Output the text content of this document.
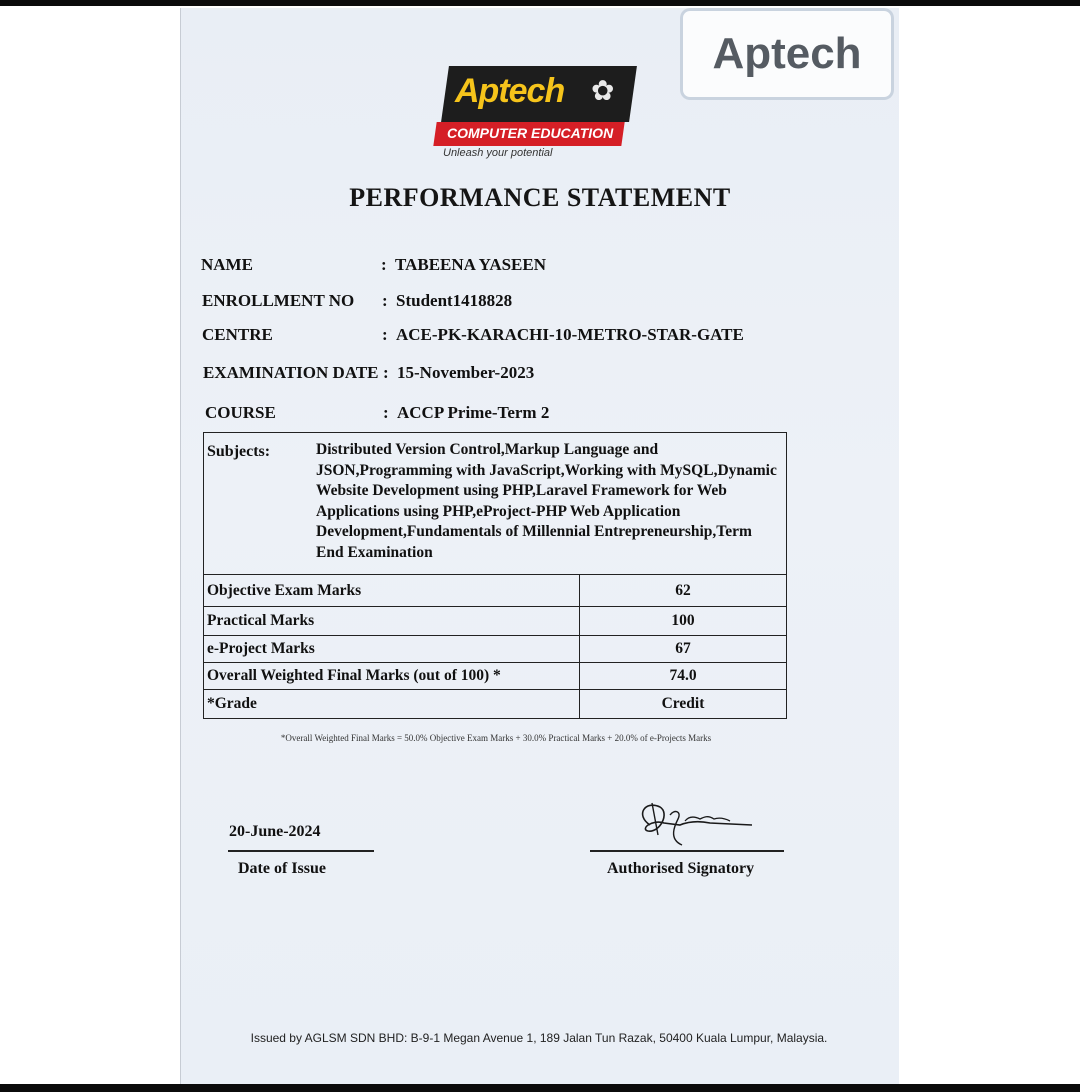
Aptech
Aptech ✿
COMPUTER EDUCATION
Unleash your potential
PERFORMANCE STATEMENT
NAME	: TABEENA YASEEN
ENROLLMENT NO : Student1418828
CENTRE	: ACE-PK-KARACHI-10-METRO-STAR-GATE
EXAMINATION DATE : 15-November-2023
COURSE	: ACCP Prime-Term 2
Subjects:	Distributed Version Control,Markup Language and
JSON,Programming with JavaScript,Working with MySQL,Dynamic
Website Development using PHP,Laravel Framework for Web
Applications using PHP,eProject-PHP Web Application
Development,Fundamentals of Millennial Entrepreneurship,Term
End Examination
Objective Exam Marks	62
Practical Marks	100
e-Project Marks	67
Overall Weighted Final Marks (out of 100) *	74.0
*Grade	Credit
*Overall Weighted Final Marks = 50.0% Objective Exam Marks + 30.0% Practical Marks + 20.0% of e-Projects Marks
20-June-2024
Date of Issue	Authorised Signatory
Issued by AGLSM SDN BHD: B-9-1 Megan Avenue 1, 189 Jalan Tun Razak, 50400 Kuala Lumpur, Malaysia.
